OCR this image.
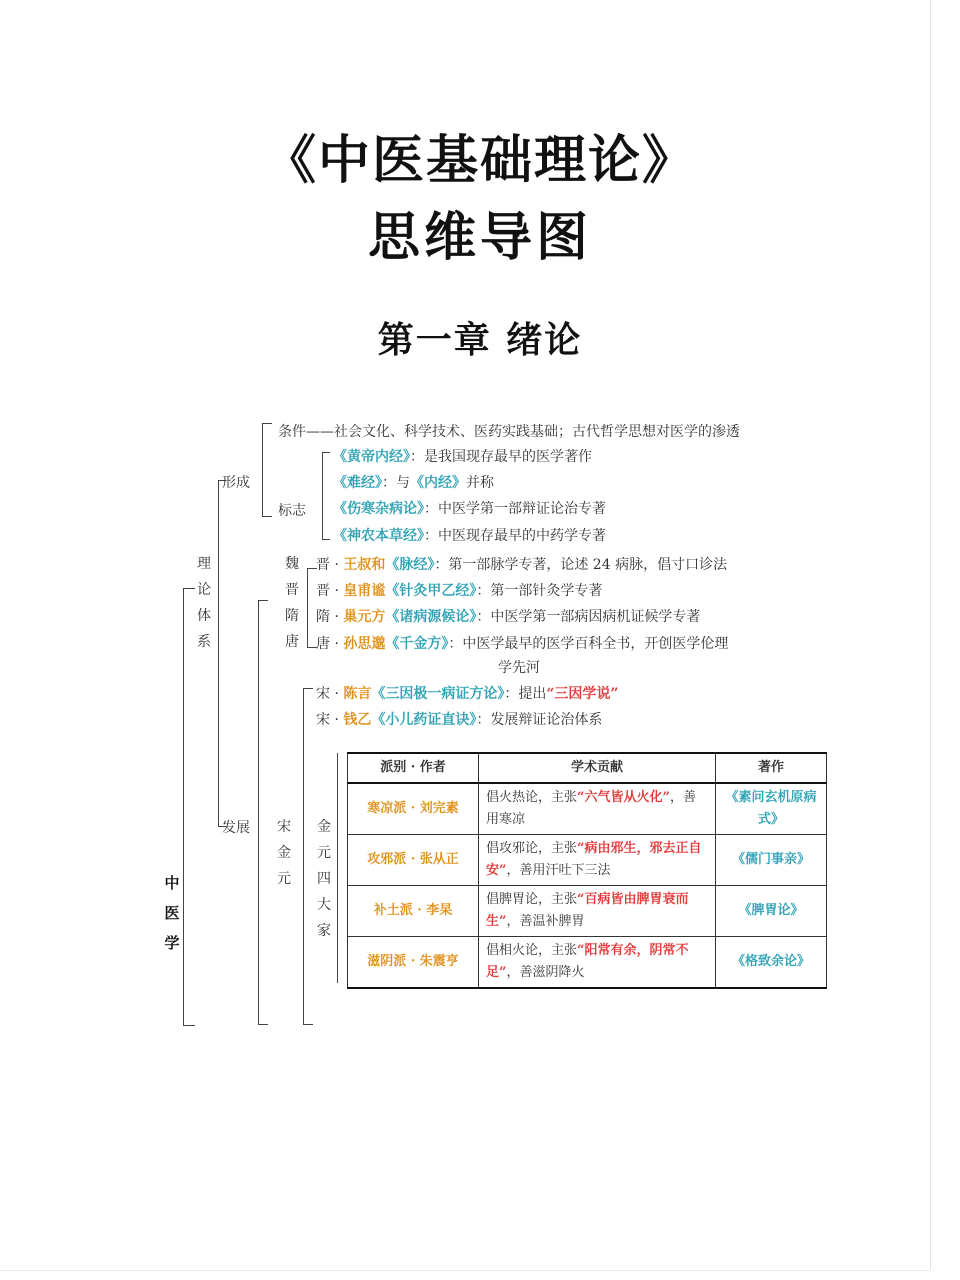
《中医基础理论》
思维导图
第一章 绪论
中医学
理论体系
魏晋隋唐
宋金元
金元四大家
形成
发展
标志
条件——社会文化、科学技术、医药实践基础；古代哲学思想对医学的渗透
《黄帝内经》：是我国现存最早的医学著作
《难经》：与《内经》并称
《伤寒杂病论》：中医学第一部辩证论治专著
《神农本草经》：中医现存最早的中药学专著
晋 · 王叔和《脉经》：第一部脉学专著，论述 24 病脉，倡寸口诊法
晋 · 皇甫谧《针灸甲乙经》：第一部针灸学专著
隋 · 巢元方《诸病源候论》：中医学第一部病因病机证候学专著
唐 · 孙思邈《千金方》：中医学最早的医学百科全书，开创医学伦理
学先河
宋 · 陈言《三因极一病证方论》：提出“三因学说”
宋 · 钱乙《小儿药证直诀》：发展辩证论治体系
派别 · 作者	学术贡献	著作
寒凉派 · 刘完素	倡火热论，主张“六气皆从火化”，善用寒凉	《素问玄机原病式》
攻邪派 · 张从正	倡攻邪论，主张“病由邪生，邪去正自安”，善用汗吐下三法	《儒门事亲》
补土派 · 李杲	倡脾胃论，主张“百病皆由脾胃衰而生”，善温补脾胃	《脾胃论》
滋阴派 · 朱震亨	倡相火论，主张“阳常有余，阴常不足”，善滋阴降火	《格致余论》
